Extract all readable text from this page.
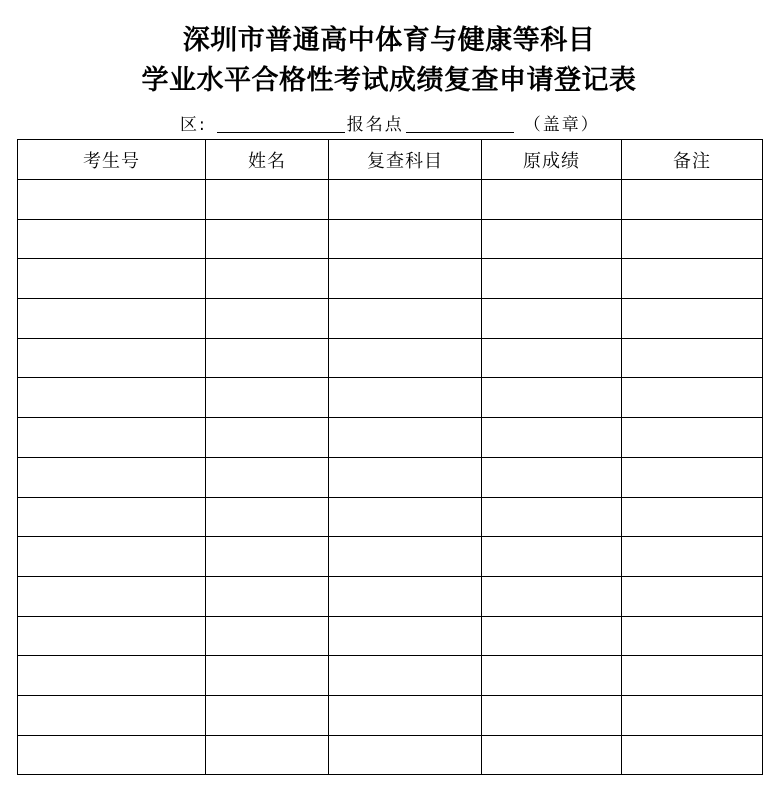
深圳市普通高中体育与健康等科目
学业水平合格性考试成绩复查申请登记表
区:	报名点	（盖章）
考生号	姓名	复查科目	原成绩	备注
